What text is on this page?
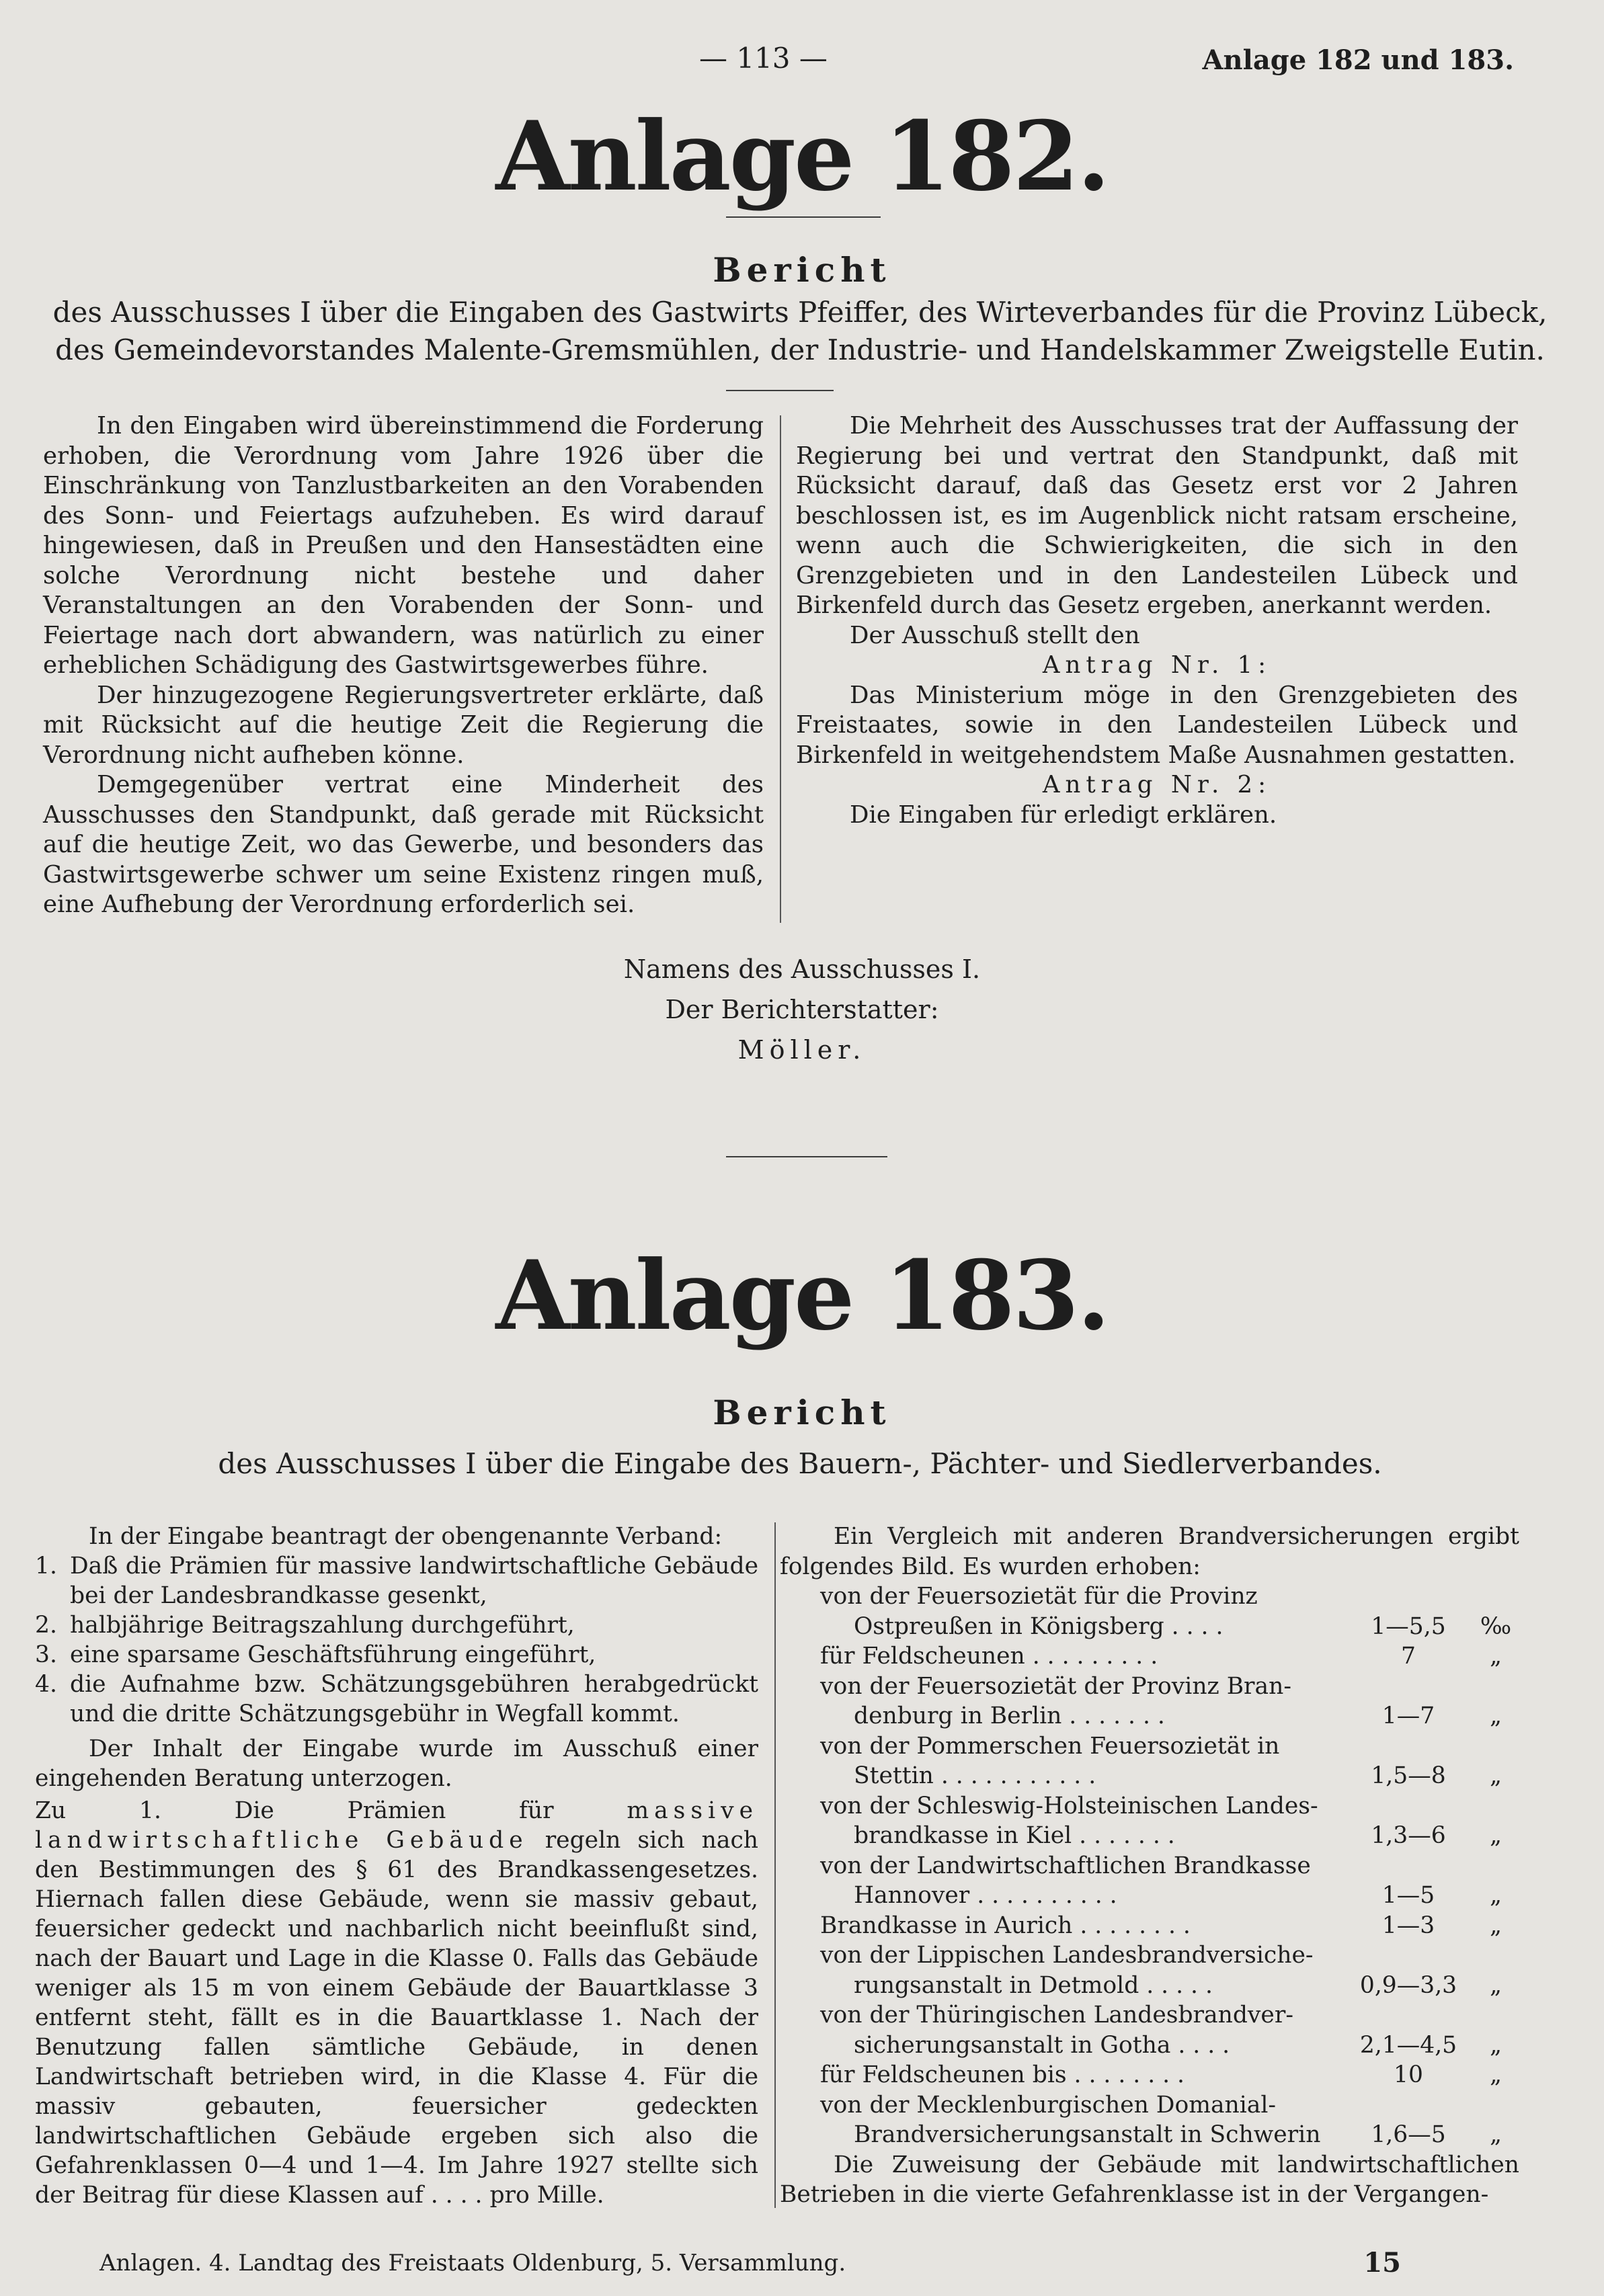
— 113 —	Anlage 182 und 183.
Anlage 182.
Bericht
des Ausschusses I über die Eingaben des Gastwirts Pfeiffer, des Wirteverbandes für die Provinz Lübeck, des Gemeindevorstandes Malente-Gremsmühlen, der Industrie- und Handelskammer Zweigstelle Eutin.

In den Eingaben wird übereinstimmend die Forderung erhoben, die Verordnung vom Jahre 1926 über die Einschränkung von Tanzlustbarkeiten an den Vorabenden des Sonn- und Feiertags aufzuheben. Es wird darauf hingewiesen, daß in Preußen und den Hansestädten eine solche Verordnung nicht bestehe und daher Veranstaltungen an den Vorabenden der Sonn- und Feiertage nach dort abwandern, was natürlich zu einer erheblichen Schädigung des Gastwirtsgewerbes führe.

Der hinzugezogene Regierungsvertreter erklärte, daß mit Rücksicht auf die heutige Zeit die Regierung die Verordnung nicht aufheben könne.

Demgegenüber vertrat eine Minderheit des Ausschusses den Standpunkt, daß gerade mit Rücksicht auf die heutige Zeit, wo das Gewerbe, und besonders das Gastwirtsgewerbe schwer um seine Existenz ringen muß, eine Aufhebung der Verordnung erforderlich sei.

Die Mehrheit des Ausschusses trat der Auffassung der Regierung bei und vertrat den Standpunkt, daß mit Rücksicht darauf, daß das Gesetz erst vor 2 Jahren beschlossen ist, es im Augenblick nicht ratsam erscheine, wenn auch die Schwierigkeiten, die sich in den Grenzgebieten und in den Landesteilen Lübeck und Birkenfeld durch das Gesetz ergeben, anerkannt werden.

Der Ausschuß stellt den

Antrag Nr. 1:

Das Ministerium möge in den Grenzgebieten des Freistaates, sowie in den Landesteilen Lübeck und Birkenfeld in weitgehendstem Maße Ausnahmen gestatten.

Antrag Nr. 2:

Die Eingaben für erledigt erklären.

Namens des Ausschusses I.
Der Berichterstatter:
Möller.
Anlage 183.
Bericht
des Ausschusses I über die Eingabe des Bauern-, Pächter- und Siedlerverbandes.

In der Eingabe beantragt der obengenannte Verband:

1. Daß die Prämien für massive landwirtschaftliche Gebäude bei der Landesbrandkasse gesenkt,
2. halbjährige Beitragszahlung durchgeführt,
3. eine sparsame Geschäftsführung eingeführt,
4. die Aufnahme bzw. Schätzungsgebühren herabgedrückt und die dritte Schätzungsgebühr in Wegfall kommt.

Der Inhalt der Eingabe wurde im Ausschuß einer eingehenden Beratung unterzogen.

Zu 1.	Die Prämien für	massive landwirtschaftliche Gebäude regeln sich nach den Bestimmungen des § 61 des Brandkassengesetzes. Hiernach fallen diese Gebäude, wenn sie massiv gebaut, feuersicher gedeckt und nachbarlich nicht beeinflußt sind, nach der Bauart und Lage in die Klasse 0. Falls das Gebäude weniger als 15 m von einem Gebäude der Bauartklasse 3 entfernt steht, fällt es in die Bauartklasse 1. Nach der Benutzung fallen sämtliche Gebäude, in denen Landwirtschaft betrieben wird, in die Klasse 4. Für die massiv gebauten, feuersicher gedeckten landwirtschaftlichen Gebäude ergeben sich also die Gefahrenklassen 0—4 und 1—4. Im Jahre 1927 stellte sich der Beitrag für diese Klassen auf . . . . pro Mille.

Ein Vergleich mit anderen Brandversicherungen ergibt folgendes Bild. Es wurden erhoben:

von der Feuersozietät für die Provinz
Ostpreußen in Königsberg . . . .	1—5,5	‰
für Feldscheunen . . . . . . . . .	7	„
von der Feuersozietät der Provinz Bran-
denburg in Berlin . . . . . . .	1—7	„
von der Pommerschen Feuersozietät in
Stettin . . . . . . . . . . .	1,5—8	„
von der Schleswig-Holsteinischen Landes-
brandkasse in Kiel . . . . . . .	1,3—6	„
von der Landwirtschaftlichen Brandkasse
Hannover . . . . . . . . . .	1—5	„
Brandkasse in Aurich . . . . . . . .	1—3	„
von der Lippischen Landesbrandversiche-
rungsanstalt in Detmold . . . . .	0,9—3,3	„
von der Thüringischen Landesbrandver-
sicherungsanstalt in Gotha . . . .	2,1—4,5	„
für Feldscheunen bis . . . . . . . .	10	„
von der Mecklenburgischen Domanial-
Brandversicherungsanstalt in Schwerin	1,6—5	„

Die Zuweisung der Gebäude mit landwirtschaftlichen Betrieben in die vierte Gefahrenklasse ist in der Vergangen-

Anlagen. 4. Landtag des Freistaats Oldenburg, 5. Versammlung.	15
